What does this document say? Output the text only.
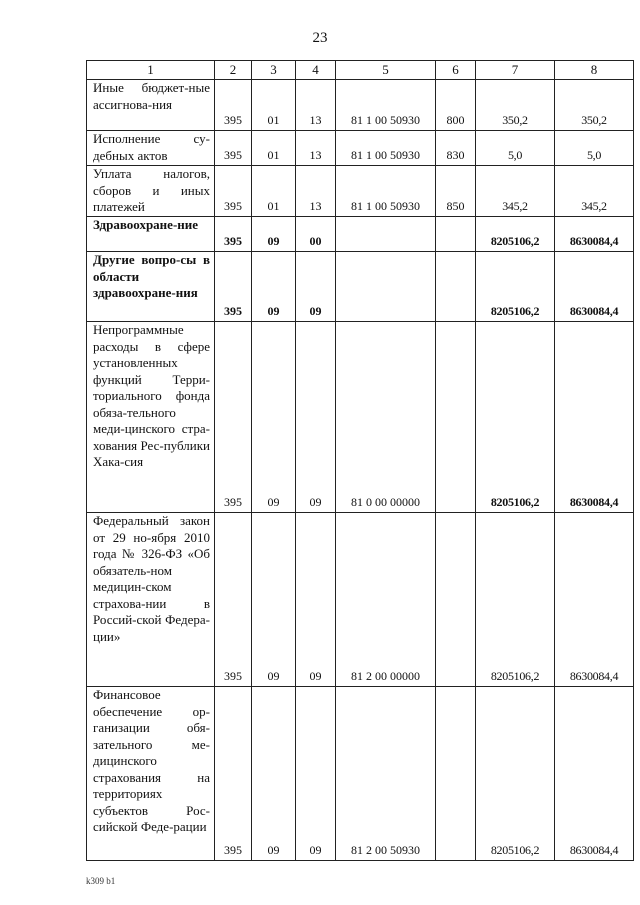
23
1	2	3	4	5	6	7	8
Иные бюджет-ные ассигнова-ния	395	01	13	81 1 00 50930	800	350,2	350,2
Исполнение су-дебных актов	395	01	13	81 1 00 50930	830	5,0	5,0
Уплата налогов, сборов и иных платежей	395	01	13	81 1 00 50930	850	345,2	345,2
Здравоохране-ние	395	09	00			8205106,2	8630084,4
Другие вопро-сы в области здравоохране-ния	395	09	09			8205106,2	8630084,4
Непрограммные расходы в сфере установленных функций Терри-ториального фонда обяза-тельного меди-цинского стра-хования Рес-публики Хака-сия	395	09	09	81 0 00 00000		8205106,2	8630084,4
Федеральный закон от 29 но-ября 2010 года № 326-ФЗ «Об обязатель-ном медицин-ском страхова-нии в Россий-ской Федера-ции»	395	09	09	81 2 00 00000		8205106,2	8630084,4
Финансовое обеспечение ор-ганизации обя-зательного ме-дицинского страхования на территориях субъектов Рос-сийской Феде-рации	395	09	09	81 2 00 50930		8205106,2	8630084,4
k309 b1
